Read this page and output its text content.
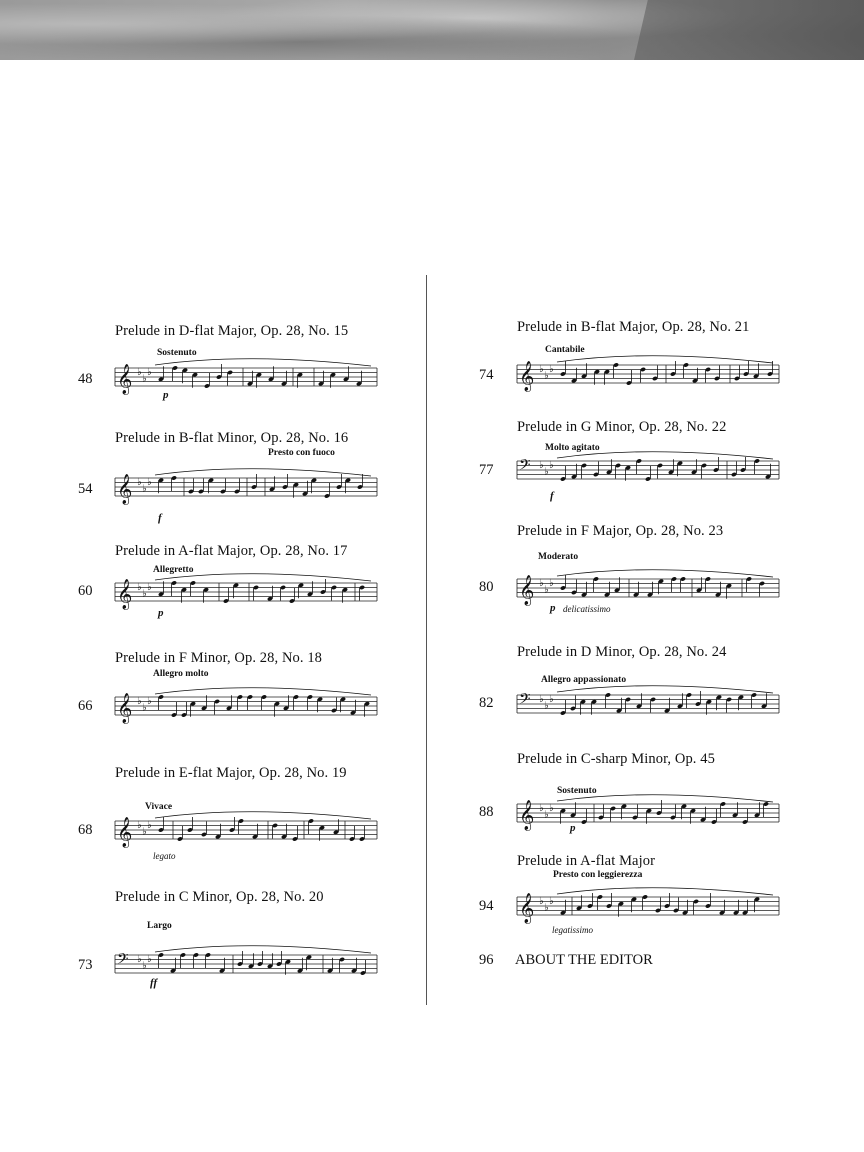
Prelude in D-flat Major, Op. 28, No. 15
48
Sostenuto
p
𝄞 ♭
♭
♭
Prelude in B-flat Minor, Op. 28, No. 16
54
Presto con fuoco
f
𝄞 ♭
♭
♭
Prelude in A-flat Major, Op. 28, No. 17
60
Allegretto
p
𝄞 ♭
♭
♭
Prelude in F Minor, Op. 28, No. 18
66
Allegro molto
𝄞 ♭
♭
♭
Prelude in E-flat Major, Op. 28, No. 19
68
Vivace
legato
𝄞 ♭
♭
♭
Prelude in C Minor, Op. 28, No. 20
73
Largo
ff
𝄢 ♭
♭
♭
Prelude in B-flat Major, Op. 28, No. 21
74
Cantabile
𝄞 ♭
♭
♭
Prelude in G Minor, Op. 28, No. 22
77
Molto agitato
f
𝄢 ♭
♭
♭
Prelude in F Major, Op. 28, No. 23
80
Moderato
p delicatissimo
𝄞 ♭
♭
♭
Prelude in D Minor, Op. 28, No. 24
82
Allegro appassionato
𝄢 ♭
♭
♭
Prelude in C-sharp Minor, Op. 45
88
Sostenuto
p
𝄞 ♭
♭
♭
Prelude in A-flat Major
94
Presto con leggierezza
legatissimo
𝄞 ♭
♭
♭
96	ABOUT THE EDITOR
